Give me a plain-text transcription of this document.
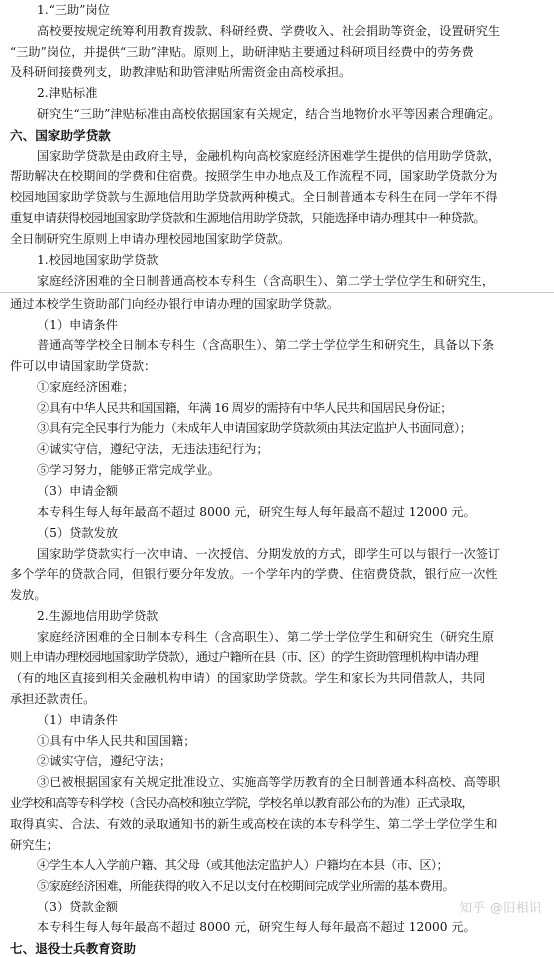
1.“三助”岗位
高校要按规定统筹利用教育拨款、科研经费、学费收入、社会捐助等资金，设置研究生
“三助”岗位，并提供“三助”津贴。原则上，助研津贴主要通过科研项目经费中的劳务费
及科研间接费列支，助教津贴和助管津贴所需资金由高校承担。
2.津贴标准
研究生“三助”津贴标准由高校依据国家有关规定，结合当地物价水平等因素合理确定。
六、国家助学贷款
国家助学贷款是由政府主导，金融机构向高校家庭经济困难学生提供的信用助学贷款，
帮助解决在校期间的学费和住宿费。按照学生申办地点及工作流程不同，国家助学贷款分为
校园地国家助学贷款与生源地信用助学贷款两种模式。全日制普通本专科生在同一学年不得
重复申请获得校园地国家助学贷款和生源地信用助学贷款，只能选择申请办理其中一种贷款。
全日制研究生原则上申请办理校园地国家助学贷款。
1.校园地国家助学贷款
家庭经济困难的全日制普通高校本专科生（含高职生）、第二学士学位学生和研究生，
通过本校学生资助部门向经办银行申请办理的国家助学贷款。
（1）申请条件
普通高等学校全日制本专科生（含高职生）、第二学士学位学生和研究生，具备以下条
件可以申请国家助学贷款：
①家庭经济困难；
②具有中华人民共和国国籍，年满 16 周岁的需持有中华人民共和国居民身份证；
③具有完全民事行为能力（未成年人申请国家助学贷款须由其法定监护人书面同意）；
④诚实守信，遵纪守法，无违法违纪行为；
⑤学习努力，能够正常完成学业。
（3）申请金额
本专科生每人每年最高不超过 8000 元，研究生每人每年最高不超过 12000 元。
（5）贷款发放
国家助学贷款实行一次申请、一次授信、分期发放的方式，即学生可以与银行一次签订
多个学年的贷款合同，但银行要分年发放。一个学年内的学费、住宿费贷款，银行应一次性
发放。
2.生源地信用助学贷款
家庭经济困难的全日制本专科生（含高职生）、第二学士学位学生和研究生（研究生原
则上申请办理校园地国家助学贷款），通过户籍所在县（市、区）的学生资助管理机构申请办理
（有的地区直接到相关金融机构申请）的国家助学贷款。学生和家长为共同借款人，共同
承担还款责任。
（1）申请条件
①具有中华人民共和国国籍；
②诚实守信，遵纪守法；
③已被根据国家有关规定批准设立、实施高等学历教育的全日制普通本科高校、高等职
业学校和高等专科学校（含民办高校和独立学院，学校名单以教育部公布的为准）正式录取，
取得真实、合法、有效的录取通知书的新生或高校在读的本专科学生、第二学士学位学生和
研究生；
④学生本人入学前户籍、其父母（或其他法定监护人）户籍均在本县（市、区）；
⑤家庭经济困难，所能获得的收入不足以支付在校期间完成学业所需的基本费用。
（3）贷款金额
本专科生每人每年最高不超过 8000 元，研究生每人每年最高不超过 12000 元。
七、退役士兵教育资助
知乎 @旧相识
